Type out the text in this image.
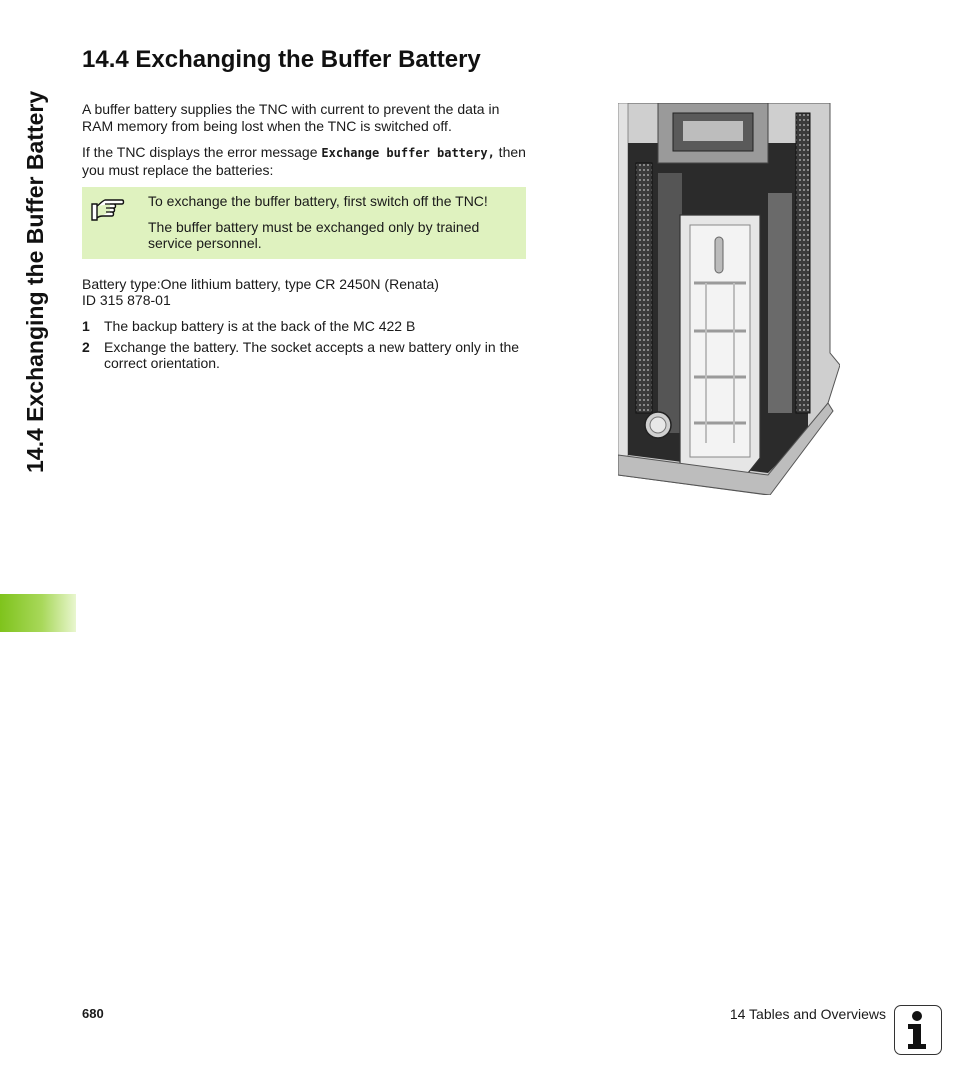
14.4 Exchanging the Buffer Battery
14.4 Exchanging the Buffer Battery

A buffer battery supplies the TNC with current to prevent the data in RAM memory from being lost when the TNC is switched off.

If the TNC displays the error message Exchange buffer battery, then you must replace the batteries:

To exchange the buffer battery, first switch off the TNC!
The buffer battery must be exchanged only by trained service personnel.

Battery type:One lithium battery, type CR 2450N (Renata)

ID 315 878-01

1 The backup battery is at the back of the MC 422 B
2 Exchange the battery. The socket accepts a new battery only in the correct orientation.
680	14 Tables and Overviews
